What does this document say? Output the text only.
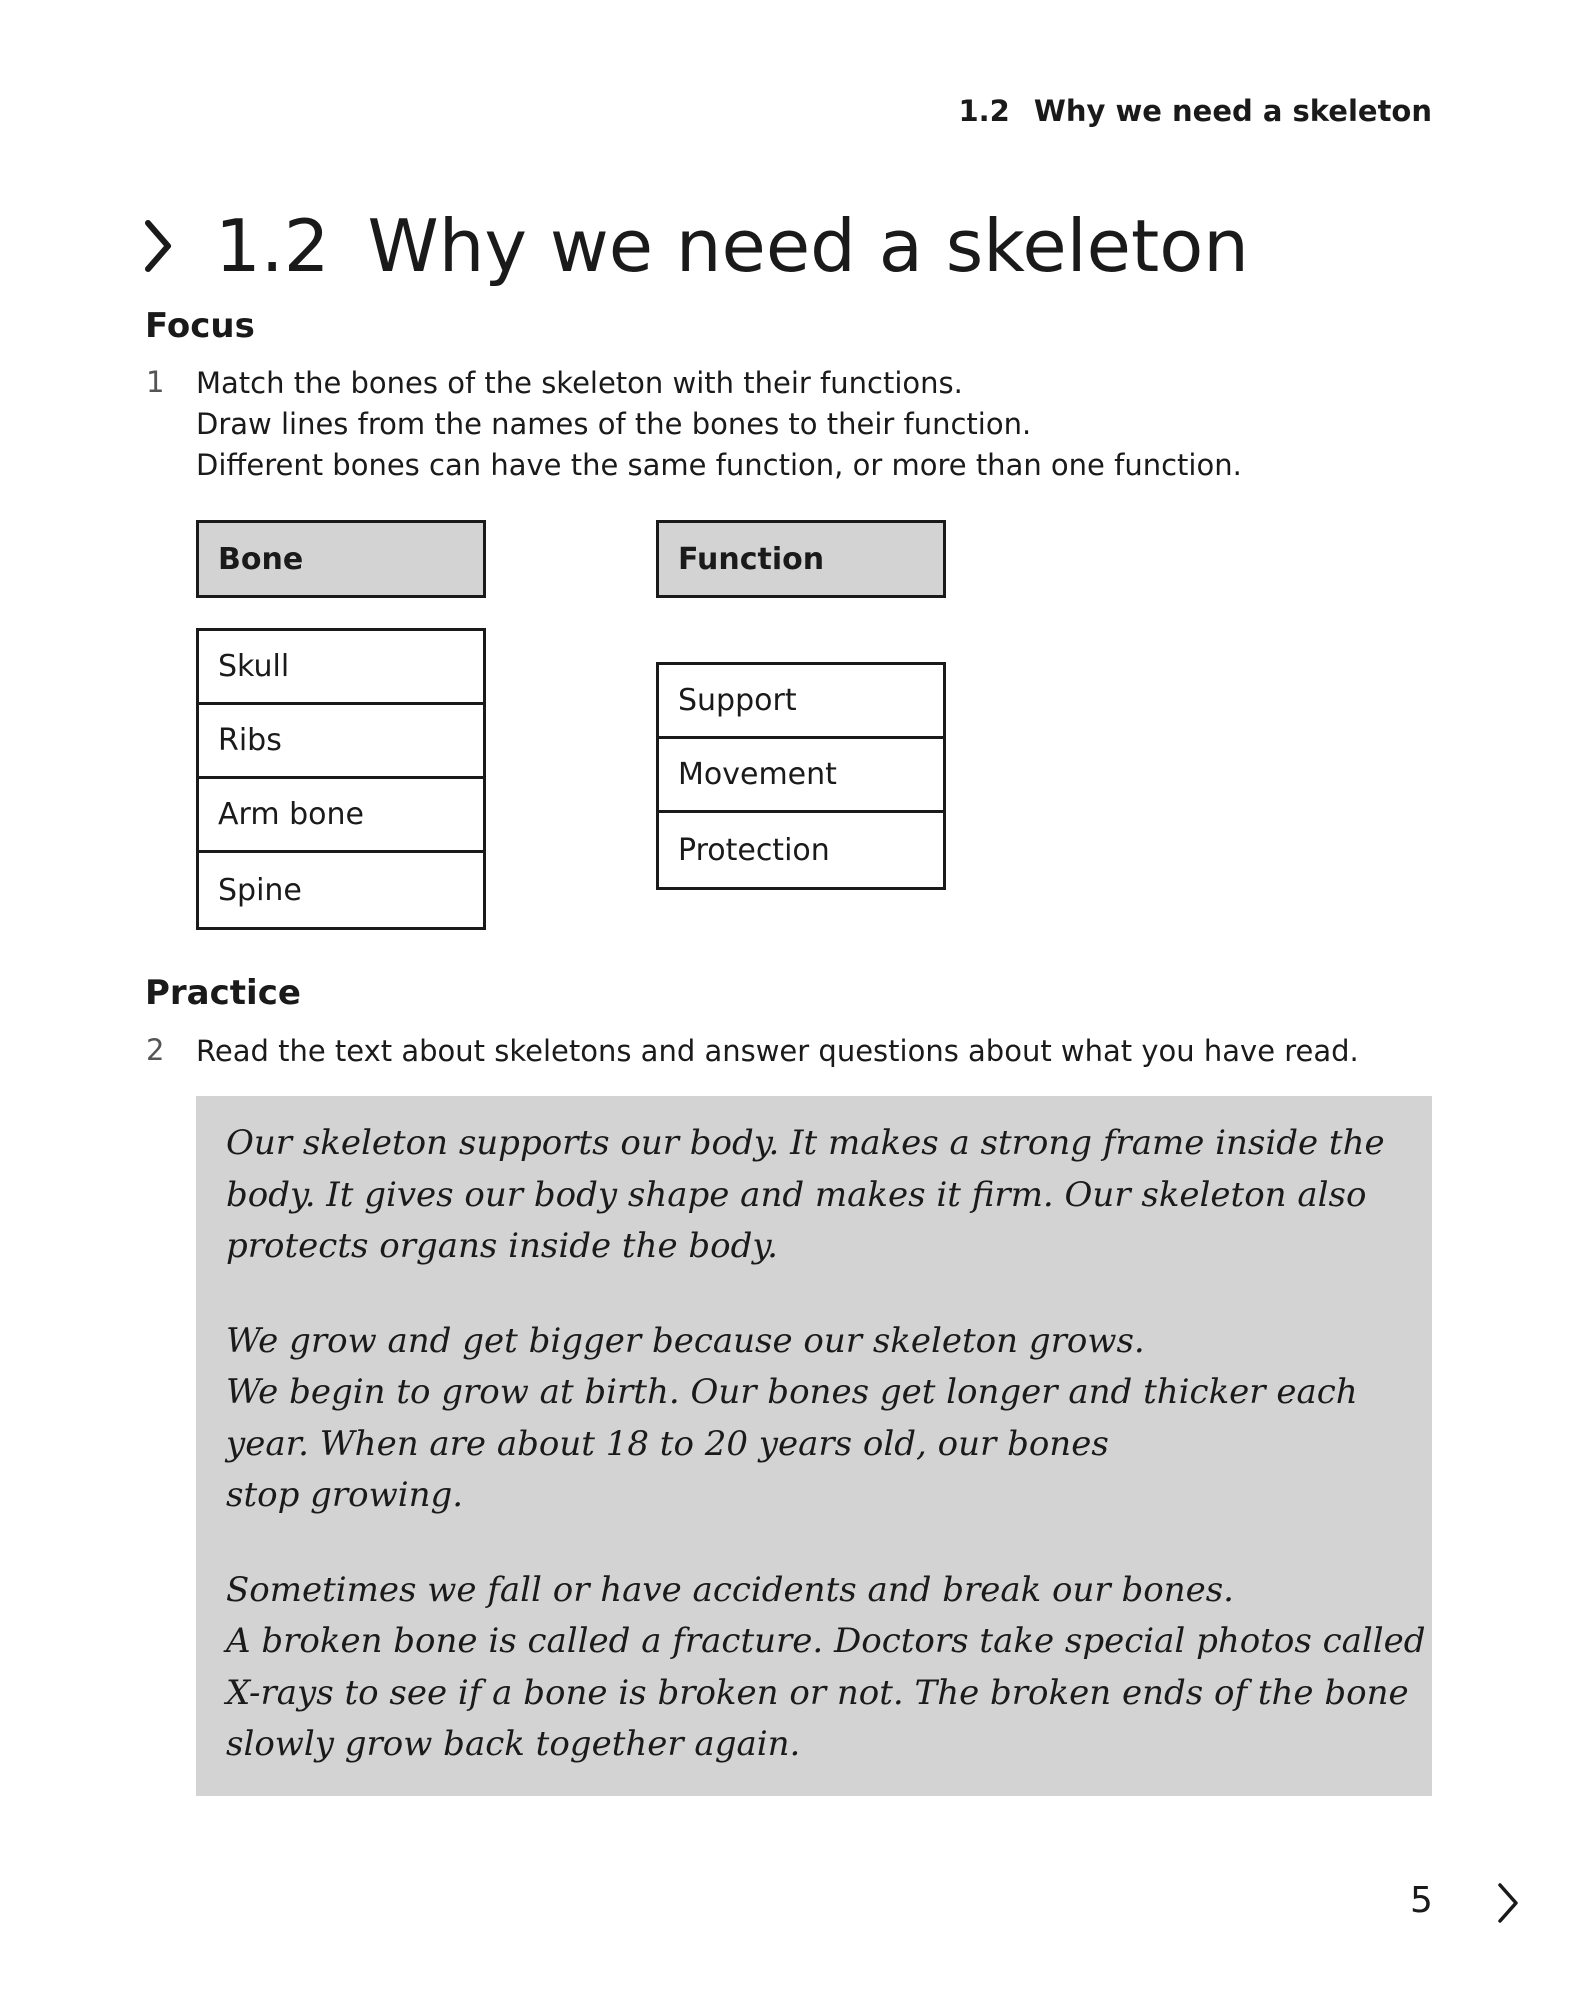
1.2 Why we need a skeleton
1.2 Why we need a skeleton
Focus
1 Match the bones of the skeleton with their functions.
Draw lines from the names of the bones to their function.
Different bones can have the same function, or more than one function.
Bone	Function
Skull
Ribs
Arm bone
Spine
Support
Movement
Protection
Practice
2 Read the text about skeletons and answer questions about what you have read.

Our skeleton supports our body. It makes a strong frame inside the
body. It gives our body shape and makes it firm. Our skeleton also
protects organs inside the body.

We grow and get bigger because our skeleton grows.
We begin to grow at birth. Our bones get longer and thicker each
year. When are about 18 to 20 years old, our bones
stop growing.

Sometimes we fall or have accidents and break our bones.
A broken bone is called a fracture. Doctors take special photos called
X-rays to see if a bone is broken or not. The broken ends of the bone
slowly grow back together again.

5
